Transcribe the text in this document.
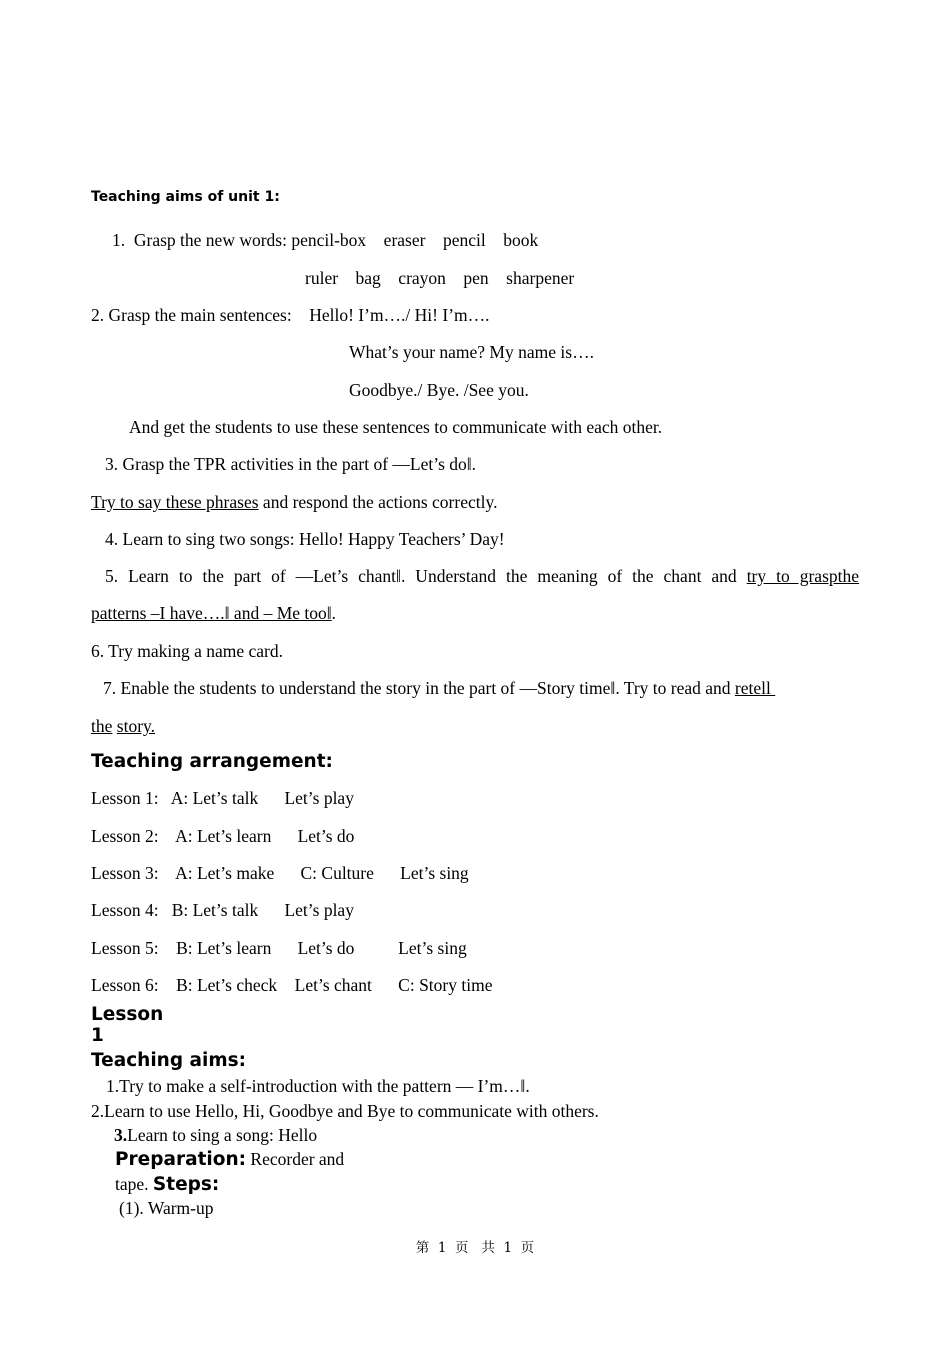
Teaching aims of unit 1:
1.  Grasp the new words: pencil-box    eraser    pencil    book
ruler    bag    crayon    pen    sharpener
2. Grasp the main sentences:    Hello! I’m…./ Hi! I’m….
What’s your name? My name is….
Goodbye./ Bye. /See you.
And get the students to use these sentences to communicate with each other.
3. Grasp the TPR activities in the part of ―Let’s do‖.
Try to say these phrases and respond the actions correctly.
4. Learn to sing two songs: Hello! Happy Teachers’ Day!
5. Learn to the part of ―Let’s chant‖. Understand the meaning of the chant and try to graspthe
patterns –I have….‖ and – Me too‖.
6. Try making a name card.
7. Enable the students to understand the story in the part of ―Story time‖. Try to read and retell
the story.
Teaching arrangement:
Lesson 1:   A: Let’s talk      Let’s play
Lesson 2:    A: Let’s learn      Let’s do
Lesson 3:    A: Let’s make      C: Culture      Let’s sing
Lesson 4:   B: Let’s talk      Let’s play
Lesson 5:    B: Let’s learn      Let’s do          Let’s sing
Lesson 6:    B: Let’s check    Let’s chant      C: Story time
Lesson
1
Teaching aims:
1.Try to make a self-introduction with the pattern ― I’m…‖.
2.Learn to use Hello, Hi, Goodbye and Bye to communicate with others.
3.Learn to sing a song: Hello
Preparation: Recorder and
tape. Steps:
(1). Warm-up
第  1  页   共  1  页
